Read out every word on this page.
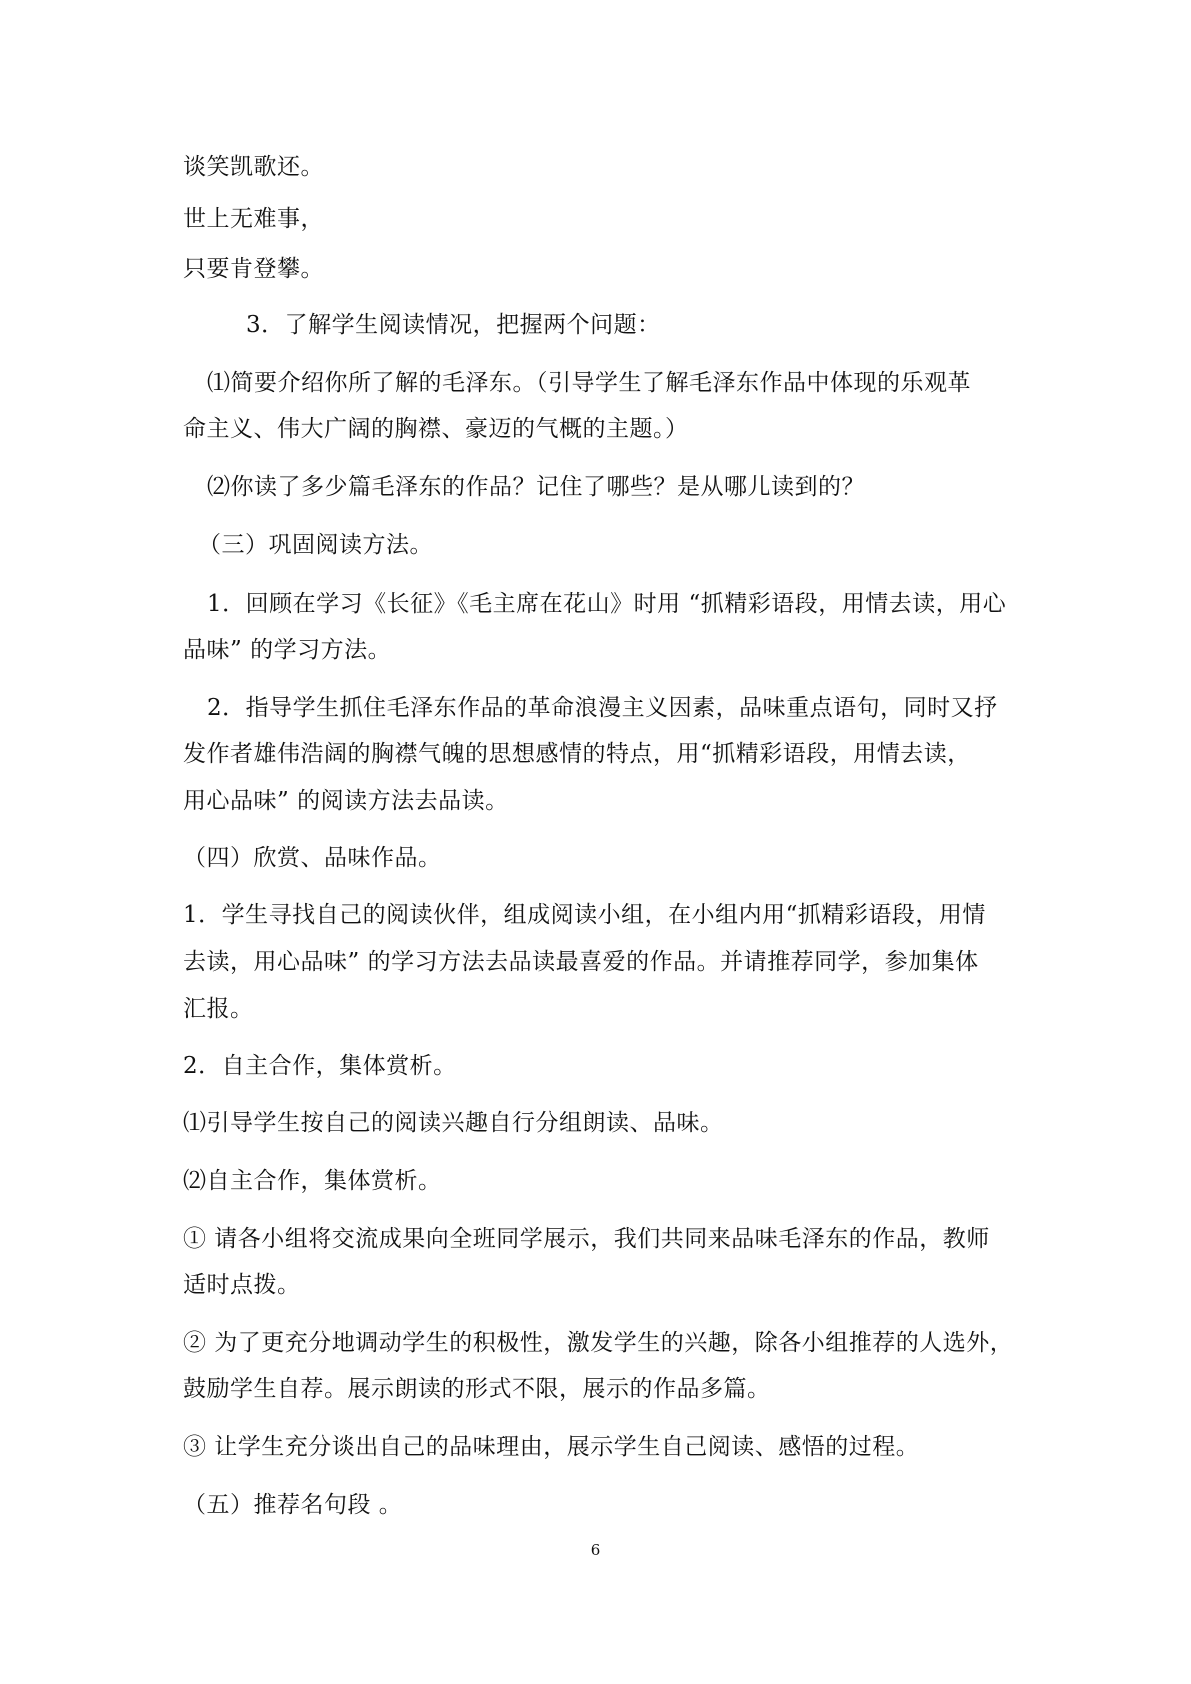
谈笑凯歌还。
世上无难事，
只要肯登攀。
3．了解学生阅读情况，把握两个问题：
⑴简要介绍你所了解的毛泽东。（引导学生了解毛泽东作品中体现的乐观革
命主义、伟大广阔的胸襟、豪迈的气概的主题。）
⑵你读了多少篇毛泽东的作品？记住了哪些？是从哪儿读到的？
（三）巩固阅读方法。
1．回顾在学习《长征》《毛主席在花山》时用 “抓精彩语段，用情去读，用心
品味” 的学习方法。
2．指导学生抓住毛泽东作品的革命浪漫主义因素，品味重点语句，同时又抒
发作者雄伟浩阔的胸襟气魄的思想感情的特点，用“抓精彩语段，用情去读，
用心品味” 的阅读方法去品读。
（四）欣赏、品味作品。
1．学生寻找自己的阅读伙伴，组成阅读小组，在小组内用“抓精彩语段，用情
去读，用心品味” 的学习方法去品读最喜爱的作品。并请推荐同学，参加集体
汇报。
2．自主合作，集体赏析。
⑴引导学生按自己的阅读兴趣自行分组朗读、品味。
⑵自主合作，集体赏析。
① 请各小组将交流成果向全班同学展示，我们共同来品味毛泽东的作品，教师
适时点拨。
② 为了更充分地调动学生的积极性，激发学生的兴趣，除各小组推荐的人选外，
鼓励学生自荐。展示朗读的形式不限，展示的作品多篇。
③ 让学生充分谈出自己的品味理由，展示学生自己阅读、感悟的过程。
（五）推荐名句段 。
6
